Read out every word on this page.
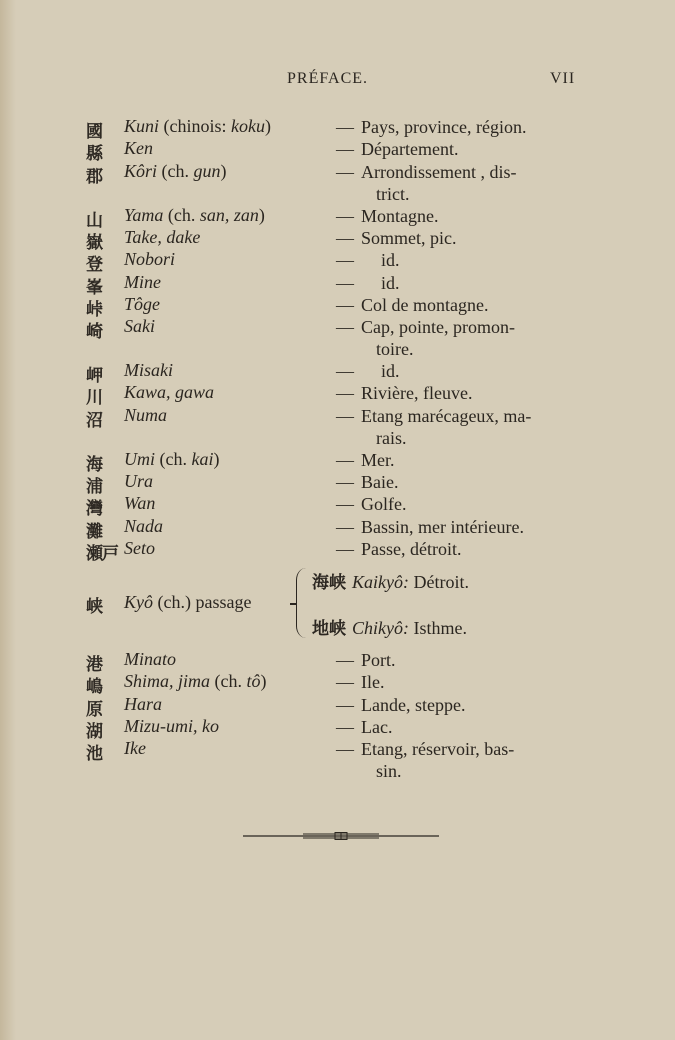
PRÉFACE.	VII
國 Kuni (chinois: koku)	— Pays, province, région.
縣 Ken	— Département.
郡 Kôri (ch. gun)	— Arrondissement , dis-
trict.
山 Yama (ch. san, zan)	— Montagne.
嶽 Take, dake	— Sommet, pic.
登 Nobori	— id.
峯 Mine	— id.
峠 Tôge	— Col de montagne.
崎 Saki	— Cap, pointe, promon-
toire.
岬 Misaki	— id.
川 Kawa, gawa	— Rivière, fleuve.
沼 Numa	— Etang marécageux, ma-
rais.
海 Umi (ch. kai)	— Mer.
浦 Ura	— Baie.
灣 Wan	— Golfe.
灘 Nada	— Bassin, mer intérieure.
瀬戸 Seto	— Passe, détroit.
峡 Kyô (ch.) passage
海峡 Kaikyô: Détroit.
地峡 Chikyô: Isthme.
港 Minato	— Port.
嶋 Shima, jima (ch. tô)	— Ile.
原 Hara	— Lande, steppe.
湖 Mizu-umi, ko	— Lac.
池 Ike	— Etang, réservoir, bas-
sin.
